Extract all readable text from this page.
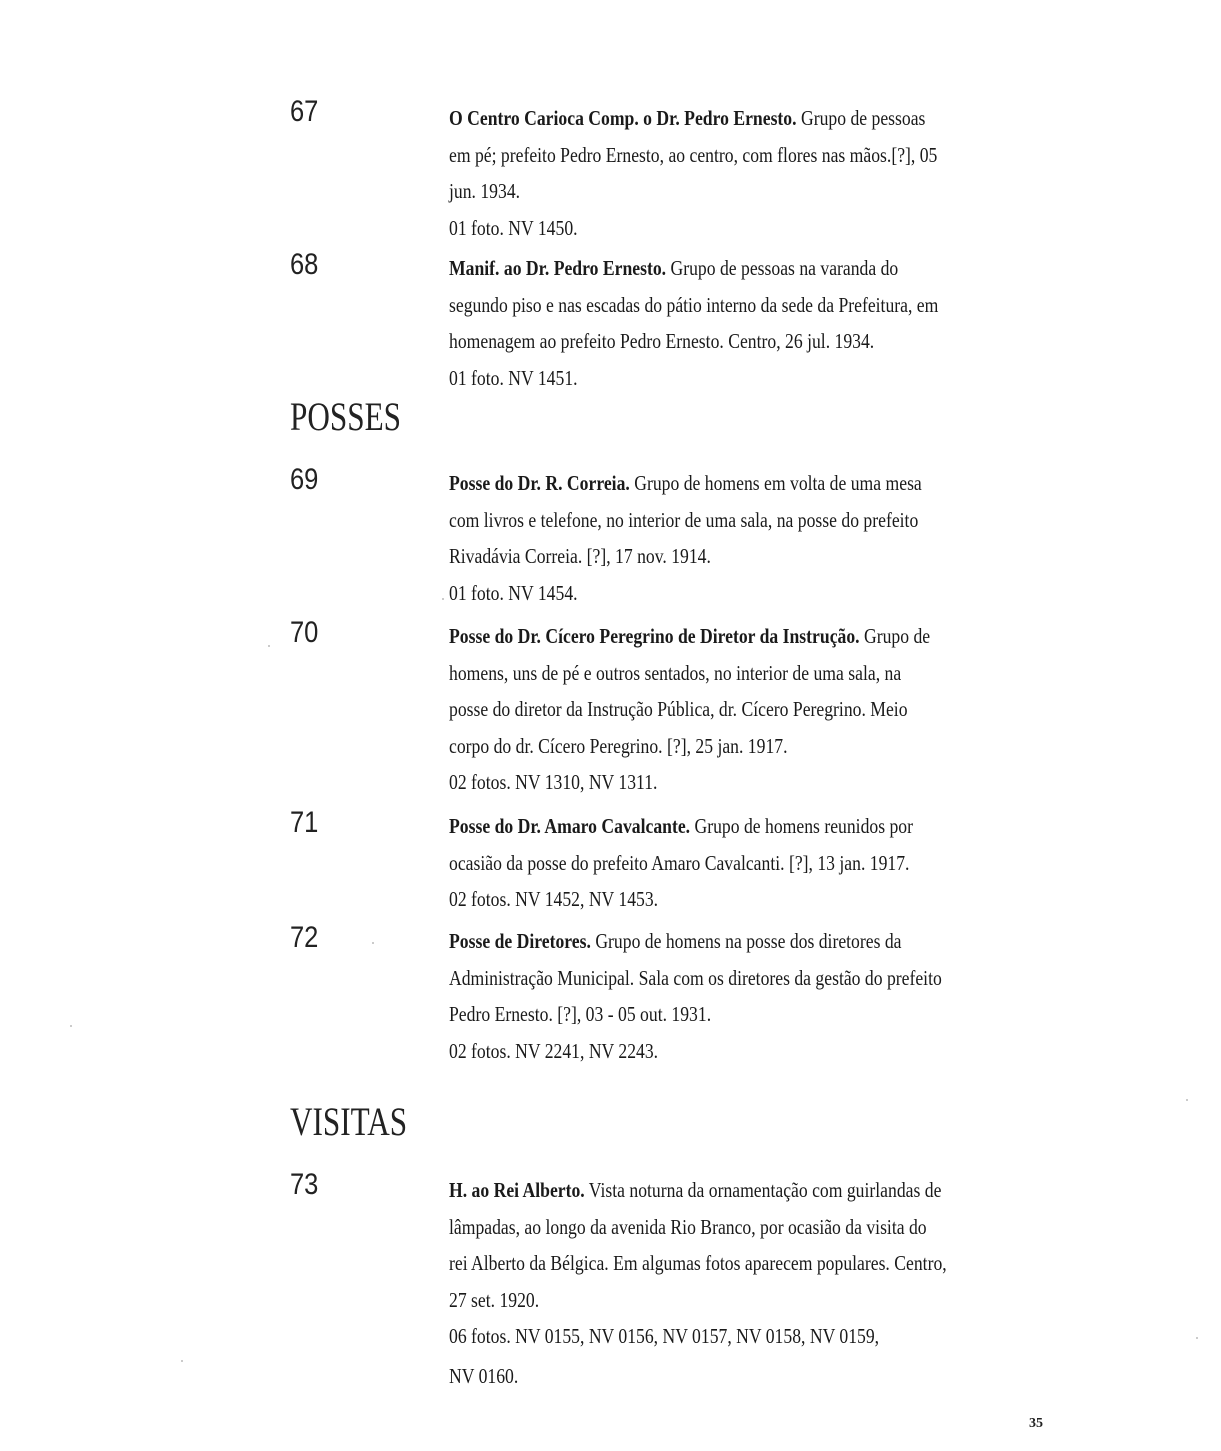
67	O Centro Carioca Comp. o Dr. Pedro Ernesto. Grupo de pessoas
em pé; prefeito Pedro Ernesto, ao centro, com flores nas mãos.[?], 05
jun. 1934.
01 foto. NV 1450.
68	Manif. ao Dr. Pedro Ernesto. Grupo de pessoas na varanda do
segundo piso e nas escadas do pátio interno da sede da Prefeitura, em
homenagem ao prefeito Pedro Ernesto. Centro, 26 jul. 1934.
01 foto. NV 1451.
POSSES
69	Posse do Dr. R. Correia. Grupo de homens em volta de uma mesa
com livros e telefone, no interior de uma sala, na posse do prefeito
Rivadávia Correia. [?], 17 nov. 1914.
01 foto. NV 1454.
70	Posse do Dr. Cícero Peregrino de Diretor da Instrução. Grupo de
homens, uns de pé e outros sentados, no interior de uma sala, na
posse do diretor da Instrução Pública, dr. Cícero Peregrino. Meio
corpo do dr. Cícero Peregrino. [?], 25 jan. 1917.
02 fotos. NV 1310, NV 1311.
71	Posse do Dr. Amaro Cavalcante. Grupo de homens reunidos por
ocasião da posse do prefeito Amaro Cavalcanti. [?], 13 jan. 1917.
02 fotos. NV 1452, NV 1453.
72	Posse de Diretores. Grupo de homens na posse dos diretores da
Administração Municipal. Sala com os diretores da gestão do prefeito
Pedro Ernesto. [?], 03 - 05 out. 1931.
02 fotos. NV 2241, NV 2243.
VISITAS
73	H. ao Rei Alberto. Vista noturna da ornamentação com guirlandas de
lâmpadas, ao longo da avenida Rio Branco, por ocasião da visita do
rei Alberto da Bélgica. Em algumas fotos aparecem populares. Centro,
27 set. 1920.
06 fotos. NV 0155, NV 0156, NV 0157, NV 0158, NV 0159,
NV 0160.
35
